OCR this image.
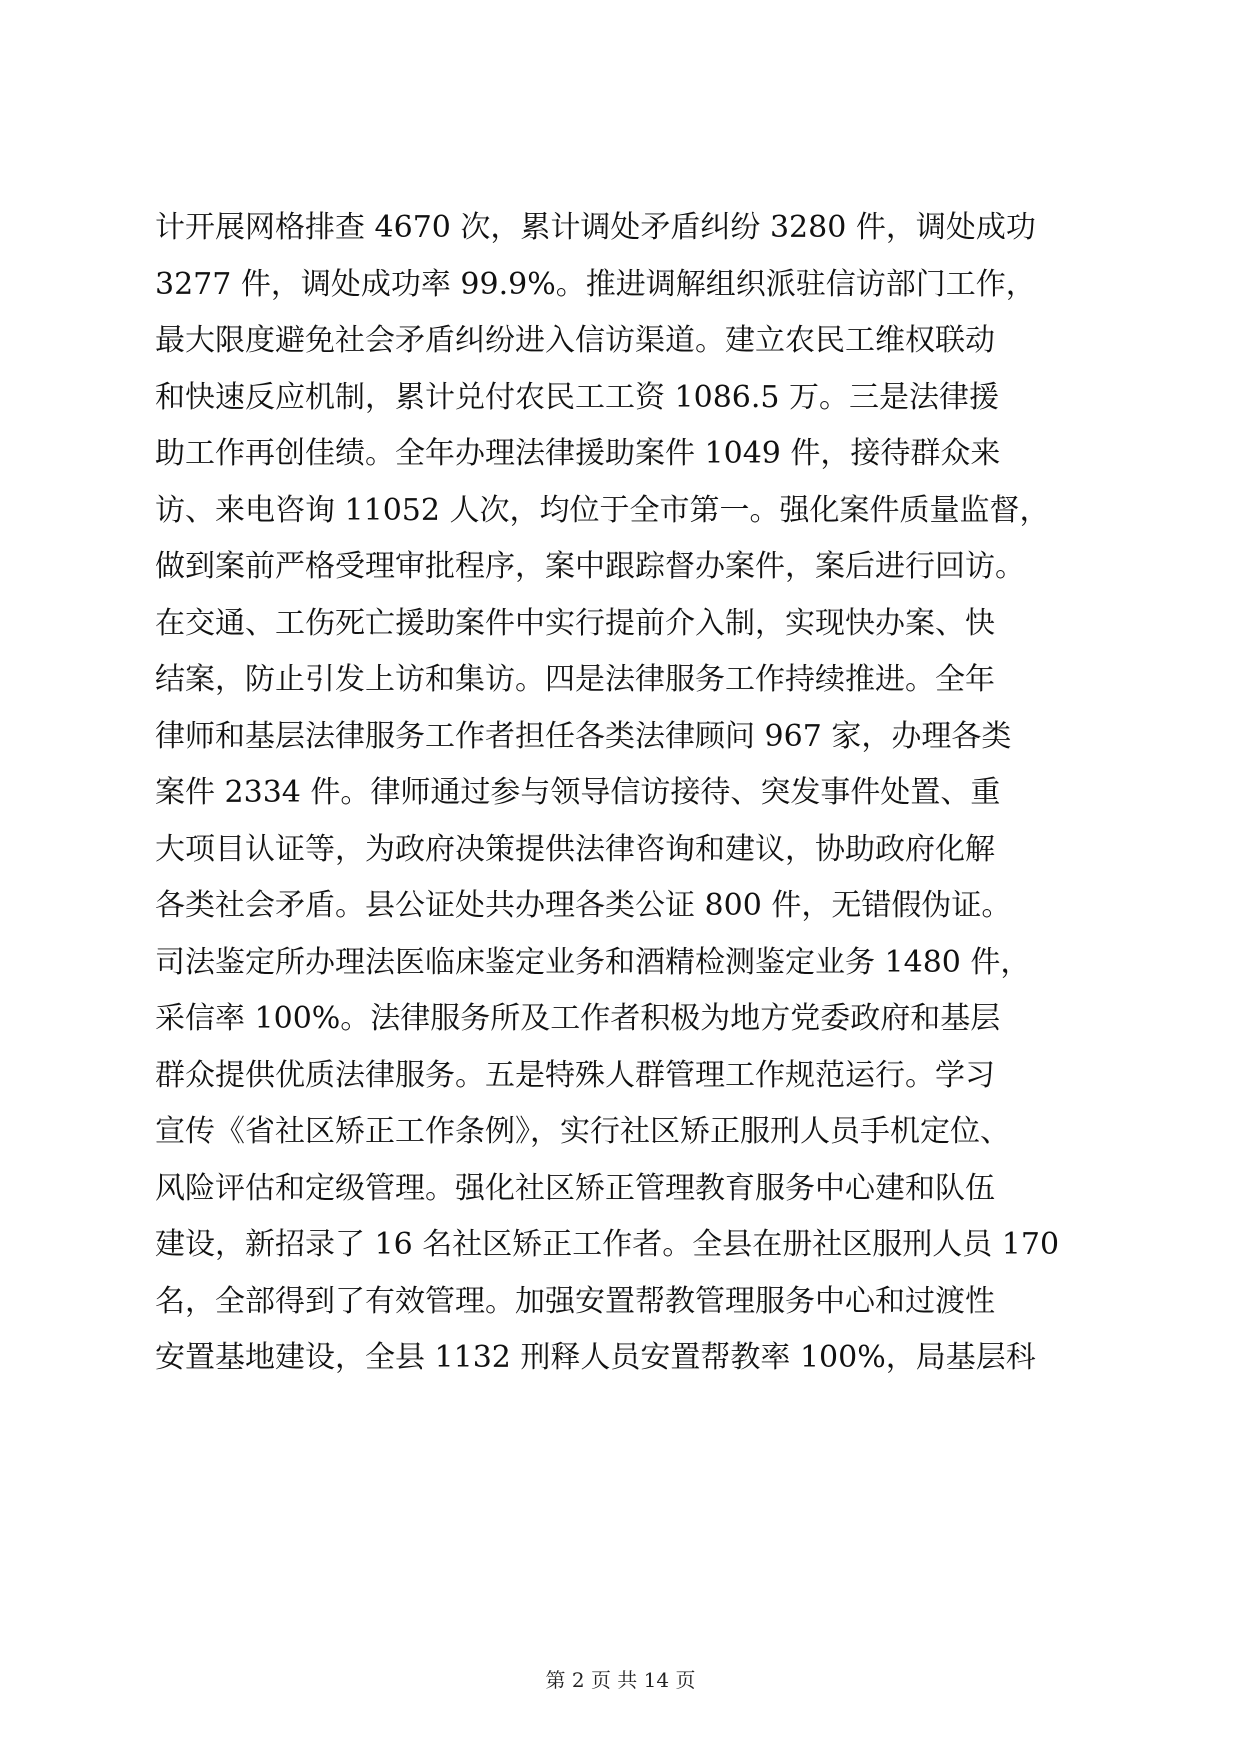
计开展网格排查 4670 次，累计调处矛盾纠纷 3280 件，调处成功
3277 件，调处成功率 99.9%。推进调解组织派驻信访部门工作，
最大限度避免社会矛盾纠纷进入信访渠道。建立农民工维权联动
和快速反应机制，累计兑付农民工工资 1086.5 万。三是法律援
助工作再创佳绩。全年办理法律援助案件 1049 件，接待群众来
访、来电咨询 11052 人次，均位于全市第一。强化案件质量监督，
做到案前严格受理审批程序，案中跟踪督办案件，案后进行回访。
在交通、工伤死亡援助案件中实行提前介入制，实现快办案、快
结案，防止引发上访和集访。四是法律服务工作持续推进。全年
律师和基层法律服务工作者担任各类法律顾问 967 家，办理各类
案件 2334 件。律师通过参与领导信访接待、突发事件处置、重
大项目认证等，为政府决策提供法律咨询和建议，协助政府化解
各类社会矛盾。县公证处共办理各类公证 800 件，无错假伪证。
司法鉴定所办理法医临床鉴定业务和酒精检测鉴定业务 1480 件，
采信率 100%。法律服务所及工作者积极为地方党委政府和基层
群众提供优质法律服务。五是特殊人群管理工作规范运行。学习
宣传《省社区矫正工作条例》，实行社区矫正服刑人员手机定位、
风险评估和定级管理。强化社区矫正管理教育服务中心建和队伍
建设，新招录了 16 名社区矫正工作者。全县在册社区服刑人员 170
名，全部得到了有效管理。加强安置帮教管理服务中心和过渡性
安置基地建设，全县 1132 刑释人员安置帮教率 100%，局基层科
第 2 页 共 14 页
